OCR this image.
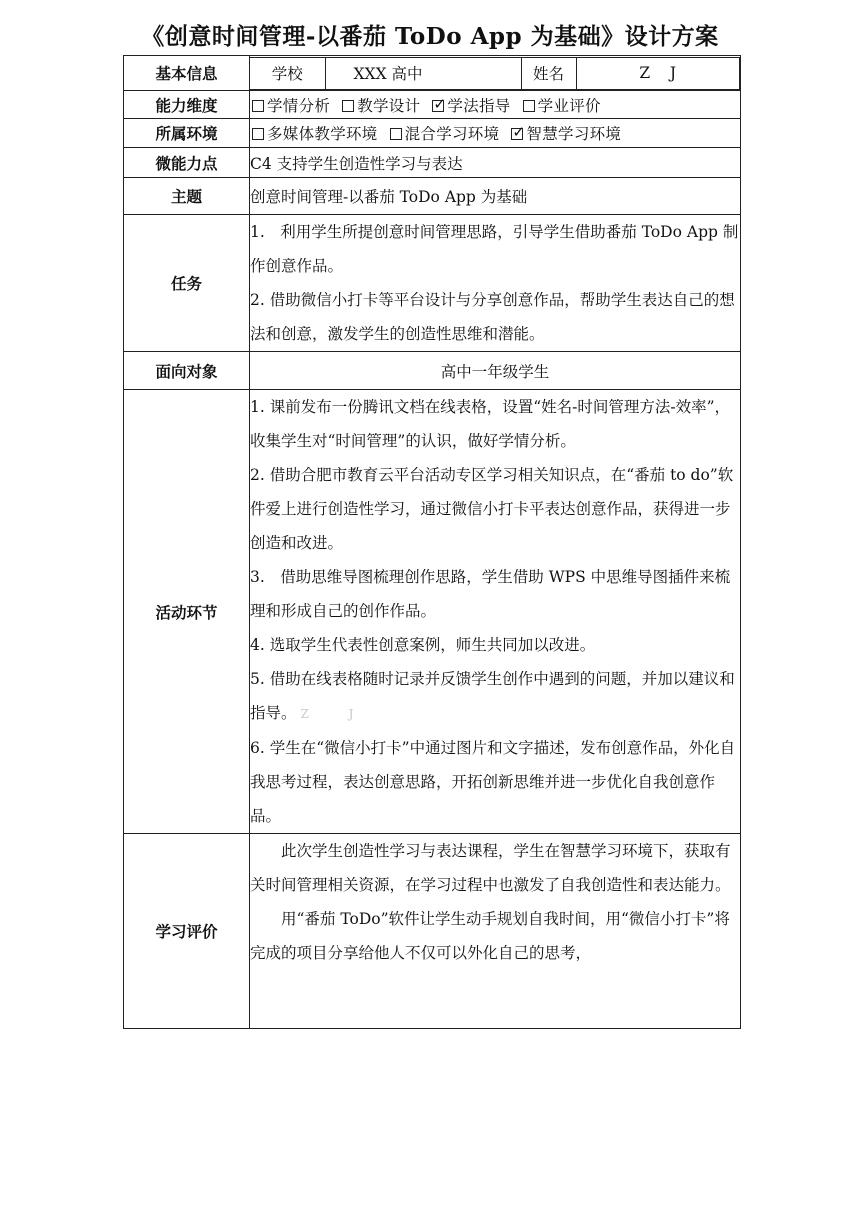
《创意时间管理-以番茄 ToDo App 为基础》设计方案
基本信息		学校	XXX 高中	姓名	Z    J

能力维度	学情分析 教学设计 ✓ 学法指导 学业评价
所属环境	多媒体教学环境 混合学习环境 ✓ 智慧学习环境
微能力点	C4 支持学生创造性学习与表达
主题	创意时间管理-以番茄 ToDo App 为基础
任务	

1.　利用学生所提创意时间管理思路，引导学生借助番茄 ToDo App 制作创意作品。

2. 借助微信小打卡等平台设计与分享创意作品，帮助学生表达自己的想法和创意，激发学生的创造性思维和潜能。

面向对象	高中一年级学生
活动环节	

1. 课前发布一份腾讯文档在线表格，设置“姓名-时间管理方法-效率”，收集学生对“时间管理”的认识，做好学情分析。

2. 借助合肥市教育云平台活动专区学习相关知识点，在“番茄 to do”软件爱上进行创造性学习，通过微信小打卡平表达创意作品，获得进一步创造和改进。

3.　借助思维导图梳理创作思路，学生借助 WPS 中思维导图插件来梳理和形成自己的创作作品。

4. 选取学生代表性创意案例，师生共同加以改进。

5. 借助在线表格随时记录并反馈学生创作中遇到的问题，并加以建议和指导。 Z J

6. 学生在“微信小打卡”中通过图片和文字描述，发布创意作品，外化自我思考过程，表达创意思路，开拓创新思维并进一步优化自我创意作品。

学习评价	

此次学生创造性学习与表达课程，学生在智慧学习环境下，获取有关时间管理相关资源，在学习过程中也激发了自我创造性和表达能力。

用“番茄 ToDo”软件让学生动手规划自我时间，用“微信小打卡”将完成的项目分享给他人不仅可以外化自己的思考，
